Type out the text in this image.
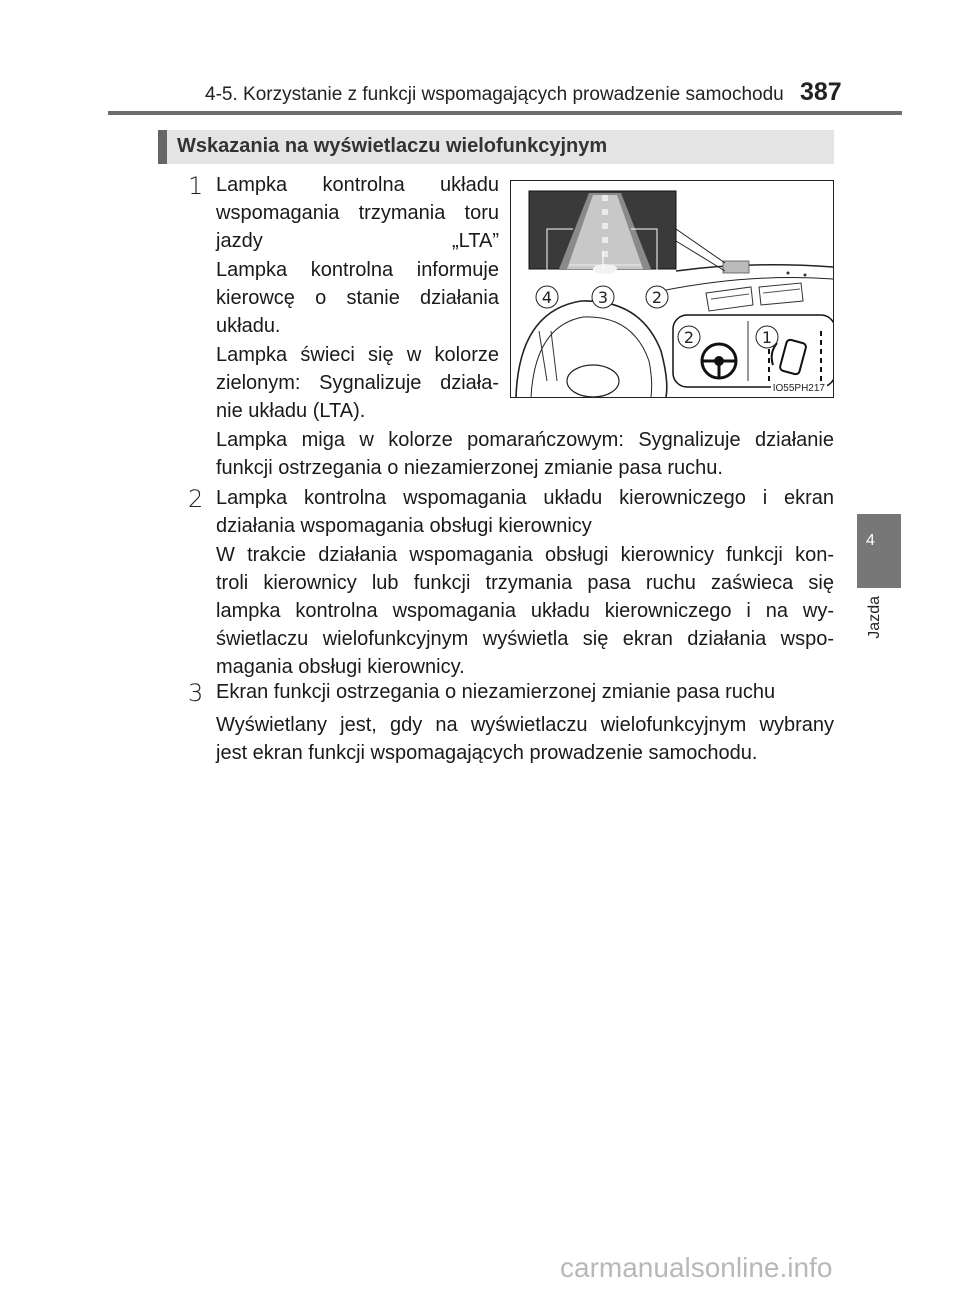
4-5. Korzystanie z funkcji wspomagających prowadzenie samochodu 387
4
Jazda
Wskazania na wyświetlaczu wielofunkcyjnym
4	3	2
2	1
IO55PH217
1 Lampka kontrolna układu
wspomagania trzymania toru
jazdy „LTA”
Lampka kontrolna informuje
kierowcę o stanie działania
układu.
Lampka świeci się w kolorze
zielonym: Sygnalizuje działa-
nie układu (LTA).
Lampka miga w kolorze pomarańczowym: Sygnalizuje działanie
funkcji ostrzegania o niezamierzonej zmianie pasa ruchu.
2 Lampka kontrolna wspomagania układu kierowniczego i ekran
działania wspomagania obsługi kierownicy
W trakcie działania wspomagania obsługi kierownicy funkcji kon-
troli kierownicy lub funkcji trzymania pasa ruchu zaświeca się
lampka kontrolna wspomagania układu kierowniczego i na wy-
świetlaczu wielofunkcyjnym wyświetla się ekran działania wspo-
magania obsługi kierownicy.
3 Ekran funkcji ostrzegania o niezamierzonej zmianie pasa ruchu
Wyświetlany jest, gdy na wyświetlaczu wielofunkcyjnym wybrany
jest ekran funkcji wspomagających prowadzenie samochodu.
carmanualsonline.info
